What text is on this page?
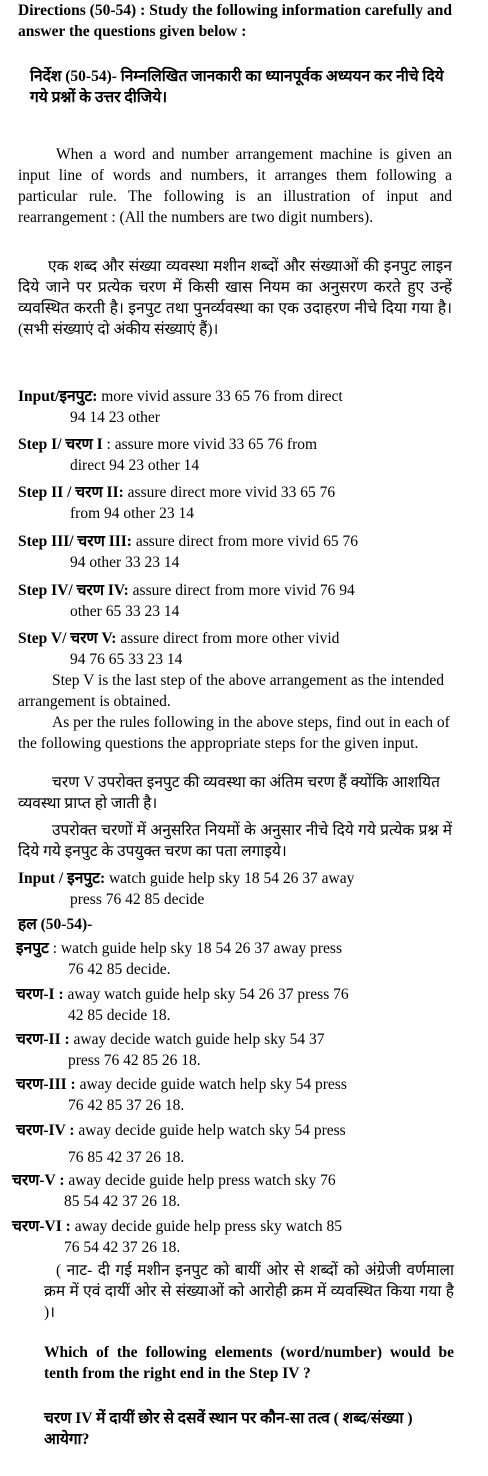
Directions (50-54) : Study the following information carefully and answer the questions given below :

निर्देश (50-54)- निम्नलिखित जानकारी का ध्यानपूर्वक अध्ययन कर नीचे दिये गये प्रश्नों के उत्तर दीजिये।

When a word and number arrangement machine is given an input line of words and numbers, it arranges them following a particular rule. The following is an illustration of input and rearrangement : (All the numbers are two digit numbers).

एक शब्द और संख्या व्यवस्था मशीन शब्दों और संख्याओं की इनपुट लाइन दिये जाने पर प्रत्येक चरण में किसी खास नियम का अनुसरण करते हुए उन्हें व्यवस्थित करती है। इनपुट तथा पुनर्व्यवस्था का एक उदाहरण नीचे दिया गया है। (सभी संख्याएं दो अंकीय संख्याएं हैं)।

Input/इनपुट: more vivid assure 33 65 76 from direct

94 14 23 other

Step I/ चरण I : assure more vivid 33 65 76 from

direct 94 23 other 14

Step II / चरण II: assure direct more vivid 33 65 76

from 94 other 23 14

Step III/ चरण III: assure direct from more vivid 65 76

94 other 33 23 14

Step IV/ चरण IV: assure direct from more vivid 76 94

other 65 33 23 14

Step V/ चरण V: assure direct from more other vivid

94 76 65 33 23 14

Step V is the last step of the above arrangement as the intended arrangement is obtained.

As per the rules following in the above steps, find out in each of the following questions the appropriate steps for the given input.

चरण V उपरोक्त इनपुट की व्यवस्था का अंतिम चरण हैं क्योंकि आशयित व्यवस्था प्राप्त हो जाती है।

उपरोक्त चरणों में अनुसरित नियमों के अनुसार नीचे दिये गये प्रत्येक प्रश्न में दिये गये इनपुट के उपयुक्त चरण का पता लगाइये।

Input / इनपुट: watch guide help sky 18 54 26 37 away

press 76 42 85 decide

हल (50-54)-

इनपुट : watch guide help sky 18 54 26 37 away press

76 42 85 decide.

चरण-I : away watch guide help sky 54 26 37 press 76

42 85 decide 18.

चरण-II : away decide watch guide help sky 54 37

press 76 42 85 26 18.

चरण-III : away decide guide watch help sky 54 press

76 42 85 37 26 18.

चरण-IV : away decide guide help watch sky 54 press

76 85 42 37 26 18.

चरण-V : away decide guide help press watch sky 76

85 54 42 37 26 18.

चरण-VI : away decide guide help press sky watch 85

76 54 42 37 26 18.

( नाट- दी गई मशीन इनपुट को बायीं ओर से शब्दों को अंग्रेजी वर्णमाला क्रम में एवं दायीं ओर से संख्याओं को आरोही क्रम में व्यवस्थित किया गया है )।

Which of the following elements (word/number) would be tenth from the right end in the Step IV ?

चरण IV में दायीं छोर से दसवें स्थान पर कौन-सा तत्व ( शब्द/संख्या ) आयेगा?
